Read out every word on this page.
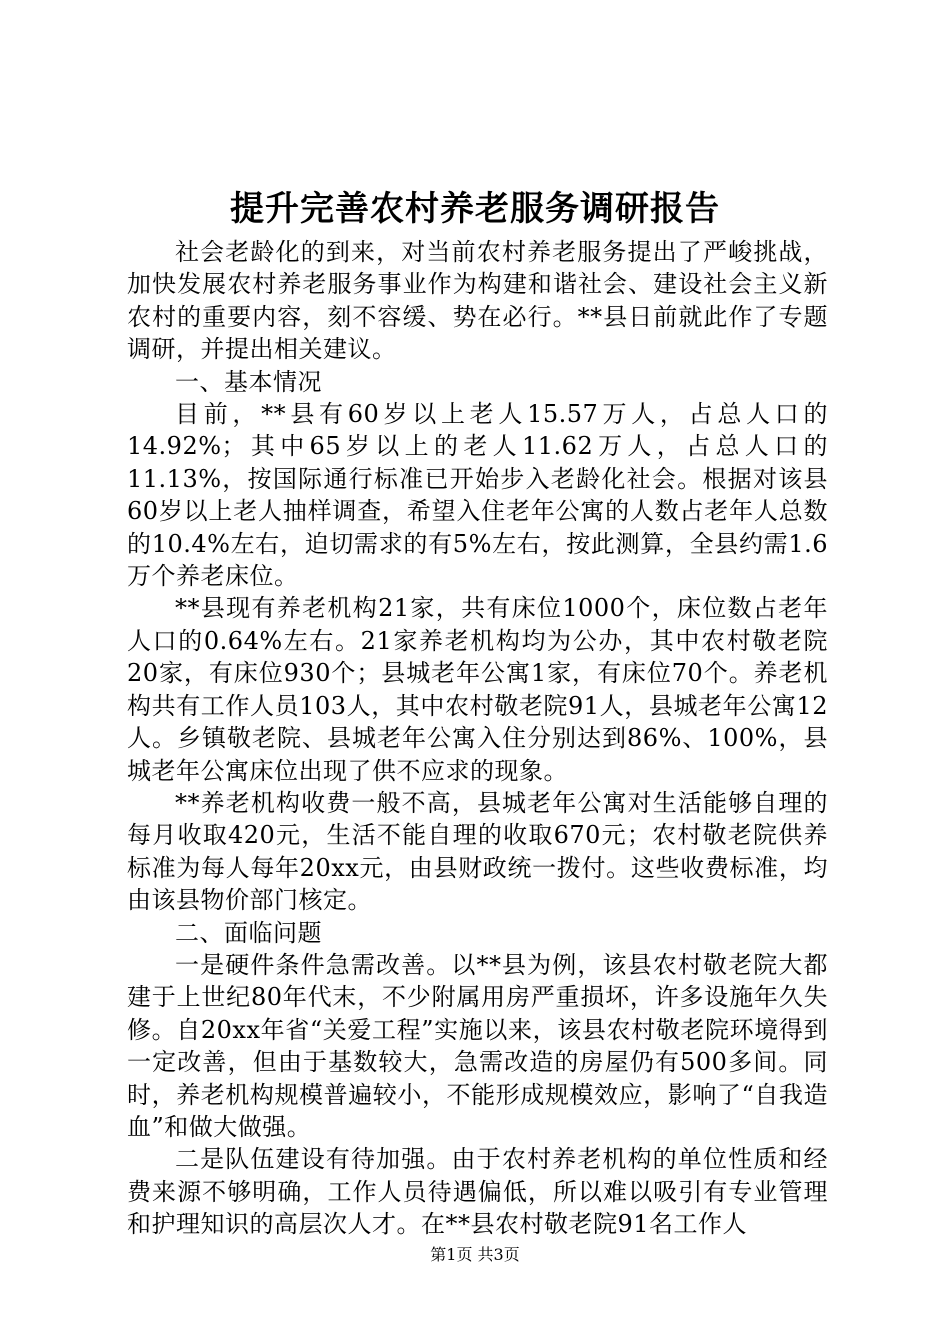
提升完善农村养老服务调研报告

社会老龄化的到来，对当前农村养老服务提出了严峻挑战，加快发展农村养老服务事业作为构建和谐社会、建设社会主义新农村的重要内容，刻不容缓、势在必行。**县日前就此作了专题调研，并提出相关建议。

一、基本情况

目前，**县有60岁以上老人15.57万人，占总人口的14.92%；其中65岁以上的老人11.62万人，占总人口的11.13%，按国际通行标准已开始步入老龄化社会。根据对该县60岁以上老人抽样调查，希望入住老年公寓的人数占老年人总数的10.4%左右，迫切需求的有5%左右，按此测算，全县约需1.6万个养老床位。

**县现有养老机构21家，共有床位1000个，床位数占老年人口的0.64%左右。21家养老机构均为公办，其中农村敬老院20家，有床位930个；县城老年公寓1家，有床位70个。养老机构共有工作人员103人，其中农村敬老院91人，县城老年公寓12人。乡镇敬老院、县城老年公寓入住分别达到86%、100%，县城老年公寓床位出现了供不应求的现象。

**养老机构收费一般不高，县城老年公寓对生活能够自理的每月收取420元，生活不能自理的收取670元；农村敬老院供养标准为每人每年20xx元，由县财政统一拨付。这些收费标准，均由该县物价部门核定。

二、面临问题

一是硬件条件急需改善。以**县为例，该县农村敬老院大都建于上世纪80年代末，不少附属用房严重损坏，许多设施年久失修。自20xx年省“关爱工程”实施以来，该县农村敬老院环境得到一定改善，但由于基数较大，急需改造的房屋仍有500多间。同时，养老机构规模普遍较小，不能形成规模效应，影响了“自我造血”和做大做强。

二是队伍建设有待加强。由于农村养老机构的单位性质和经费来源不够明确，工作人员待遇偏低，所以难以吸引有专业管理和护理知识的高层次人才。在**县农村敬老院91名工作人

第1页 共3页
